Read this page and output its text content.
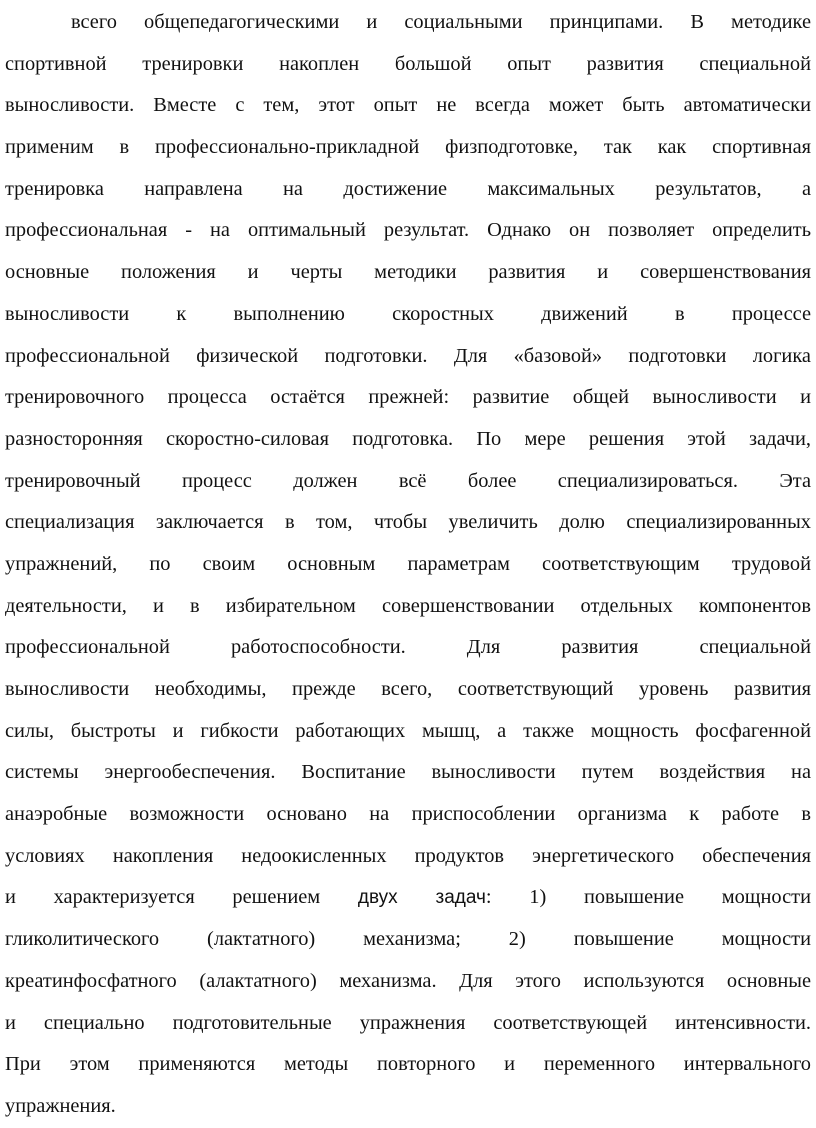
всего общепедагогическими и социальными принципами. В методике
спортивной тренировки накоплен большой опыт развития специальной
выносливости. Вместе с тем, этот опыт не всегда может быть автоматически
применим в профессионально-прикладной физподготовке, так как спортивная
тренировка направлена на достижение максимальных результатов, а
профессиональная - на оптимальный результат. Однако он позволяет определить
основные положения и черты методики развития и совершенствования
выносливости к выполнению скоростных движений в процессе
профессиональной физической подготовки. Для «базовой» подготовки логика
тренировочного процесса остаётся прежней: развитие общей выносливости и
разносторонняя скоростно-силовая подготовка. По мере решения этой задачи,
тренировочный процесс должен всё более специализироваться. Эта
специализация заключается в том, чтобы увеличить долю специализированных
упражнений, по своим основным параметрам соответствующим трудовой
деятельности, и в избирательном совершенствовании отдельных компонентов
профессиональной работоспособности. Для развития специальной
выносливости необходимы, прежде всего, соответствующий уровень развития
силы, быстроты и гибкости работающих мышц, а также мощность фосфагенной
системы энергообеспечения. Воспитание выносливости путем воздействия на
анаэробные возможности основано на приспособлении организма к работе в
условиях накопления недоокисленных продуктов энергетического обеспечения
и характеризуется решением двух задач: 1) повышение мощности
гликолитического (лактатного) механизма; 2) повышение мощности
креатинфосфатного (алактатного) механизма. Для этого используются основные
и специально подготовительные упражнения соответствующей интенсивности.
При этом применяются методы повторного и переменного интервального
упражнения.
